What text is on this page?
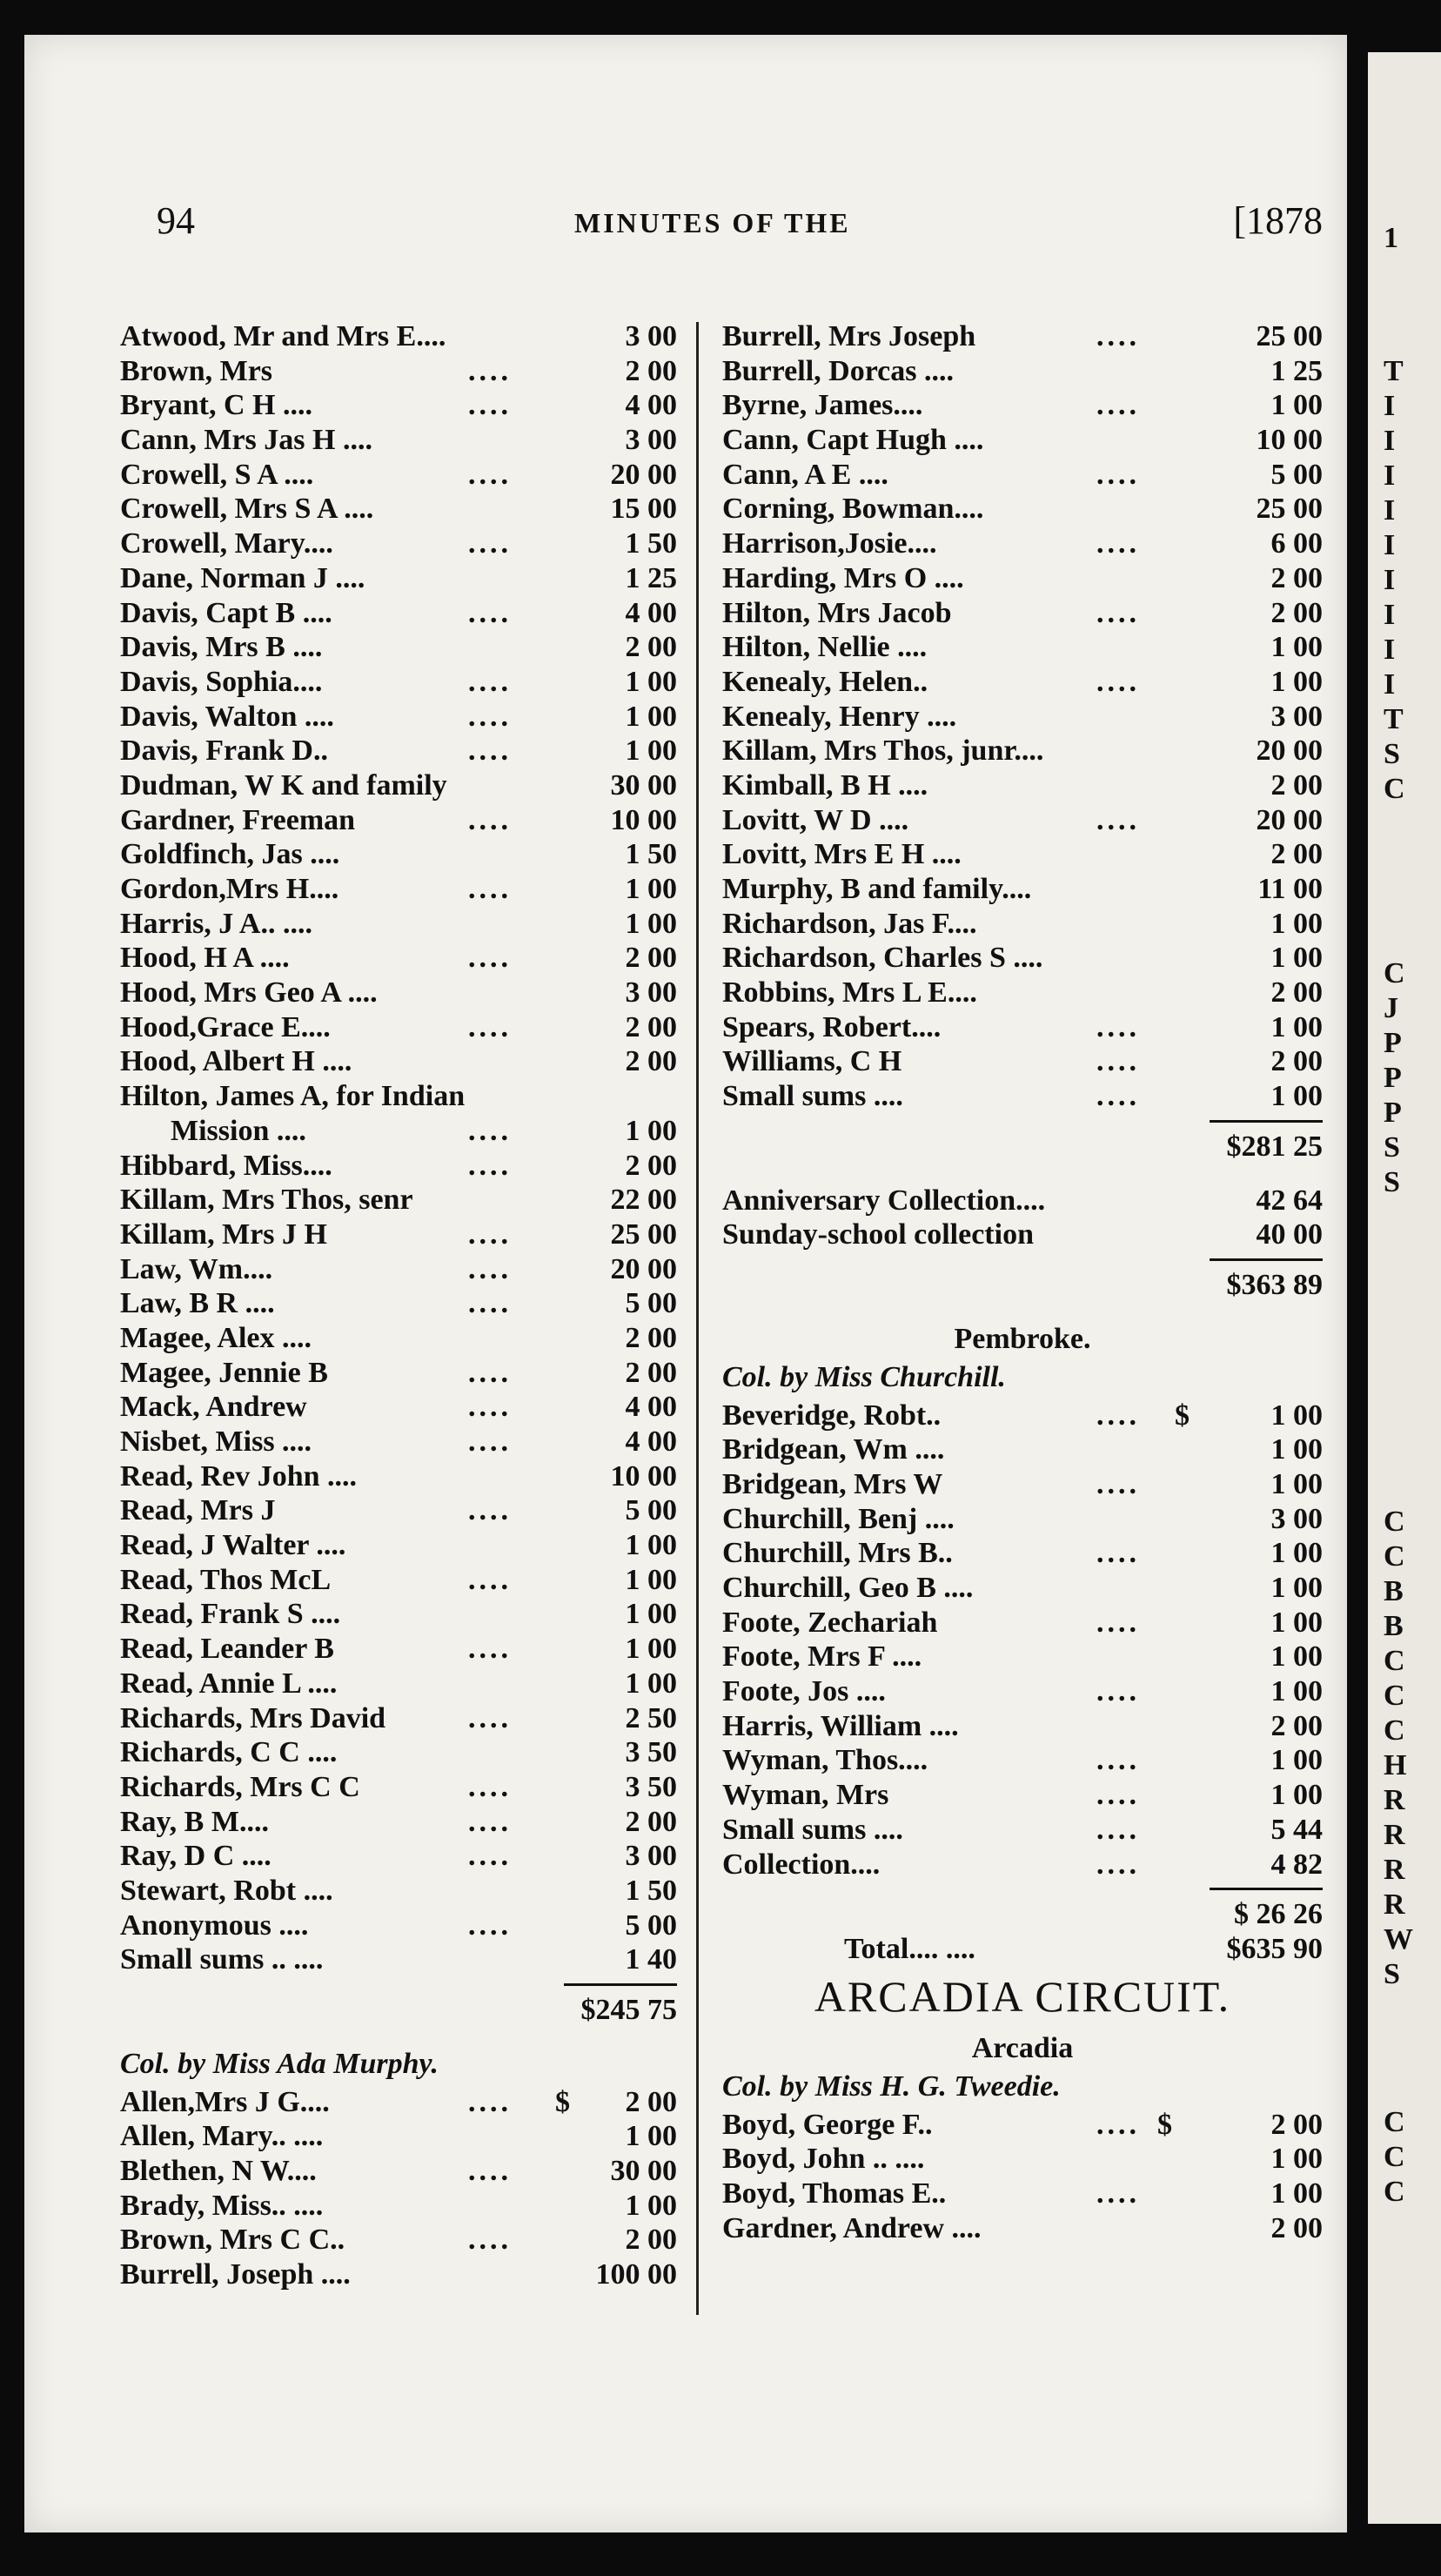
1
T
I
I
I
I
I
I
I
I
I
T
S
C
C
J
P
P
P
S
S
C
C
B
B
C
C
C
H
R
R
R
R
W
S
C
C
C
94	MINUTES OF THE	[1878
Atwood, Mr and Mrs E....	3 00
Brown, Mrs	....	2 00
Bryant, C H ....	....	4 00
Cann, Mrs Jas H ....	3 00
Crowell, S A ....	....	20 00
Crowell, Mrs S A ....	15 00
Crowell, Mary....	....	1 50
Dane, Norman J ....	1 25
Davis, Capt B ....	....	4 00
Davis, Mrs B ....	2 00
Davis, Sophia....	....	1 00
Davis, Walton ....	....	1 00
Davis, Frank D..	....	1 00
Dudman, W K and family	30 00
Gardner, Freeman	....	10 00
Goldfinch, Jas ....	1 50
Gordon,Mrs H....	....	1 00
Harris, J A.. ....	1 00
Hood, H A ....	....	2 00
Hood, Mrs Geo A ....	3 00
Hood,Grace E....	....	2 00
Hood, Albert H ....	2 00
Hilton, James A, for Indian
Mission ....	....	1 00
Hibbard, Miss....	....	2 00
Killam, Mrs Thos, senr	22 00
Killam, Mrs J H	....	25 00
Law, Wm....	....	20 00
Law, B R ....	....	5 00
Magee, Alex ....	2 00
Magee, Jennie B	....	2 00
Mack, Andrew	....	4 00
Nisbet, Miss ....	....	4 00
Read, Rev John ....	10 00
Read, Mrs J	....	5 00
Read, J Walter ....	1 00
Read, Thos McL	....	1 00
Read, Frank S ....	1 00
Read, Leander B	....	1 00
Read, Annie L ....	1 00
Richards, Mrs David	....	2 50
Richards, C C ....	3 50
Richards, Mrs C C	....	3 50
Ray, B M....	....	2 00
Ray, D C ....	....	3 00
Stewart, Robt ....	1 50
Anonymous ....	....	5 00
Small sums .. ....	1 40
$245 75
Col. by Miss Ada Murphy.
Allen,Mrs J G....	.... $ 2 00
Allen, Mary.. ....	1 00
Blethen, N W....	....	30 00
Brady, Miss.. ....	1 00
Brown, Mrs C C..	....	2 00
Burrell, Joseph ....	100 00
Burrell, Mrs Joseph	....	25 00
Burrell, Dorcas ....	1 25
Byrne, James....	....	1 00
Cann, Capt Hugh ....	10 00
Cann, A E ....	....	5 00
Corning, Bowman....	25 00
Harrison,Josie....	....	6 00
Harding, Mrs O ....	2 00
Hilton, Mrs Jacob	....	2 00
Hilton, Nellie ....	1 00
Kenealy, Helen..	....	1 00
Kenealy, Henry ....	3 00
Killam, Mrs Thos, junr....	20 00
Kimball, B H ....	2 00
Lovitt, W D ....	....	20 00
Lovitt, Mrs E H ....	2 00
Murphy, B and family....	11 00
Richardson, Jas F....	1 00
Richardson, Charles S ....	1 00
Robbins, Mrs L E....	2 00
Spears, Robert....	....	1 00
Williams, C H	....	2 00
Small sums ....	....	1 00
$281 25
Anniversary Collection....	42 64
Sunday-school collection	40 00
$363 89
Pembroke.
Col. by Miss Churchill.
Beveridge, Robt..	.... $	1 00
Bridgean, Wm ....	1 00
Bridgean, Mrs W	....	1 00
Churchill, Benj ....	3 00
Churchill, Mrs B..	....	1 00
Churchill, Geo B ....	1 00
Foote, Zechariah	....	1 00
Foote, Mrs F ....	1 00
Foote, Jos ....	....	1 00
Harris, William ....	2 00
Wyman, Thos....	....	1 00
Wyman, Mrs	....	1 00
Small sums ....	....	5 44
Collection....	....	4 82
$ 26 26
Total.... ....	$635 90
ARCADIA CIRCUIT.
Arcadia
Col. by Miss H. G. Tweedie.
Boyd, George F..	.... $	2 00
Boyd, John .. ....	1 00
Boyd, Thomas E..	....	1 00
Gardner, Andrew ....	2 00
